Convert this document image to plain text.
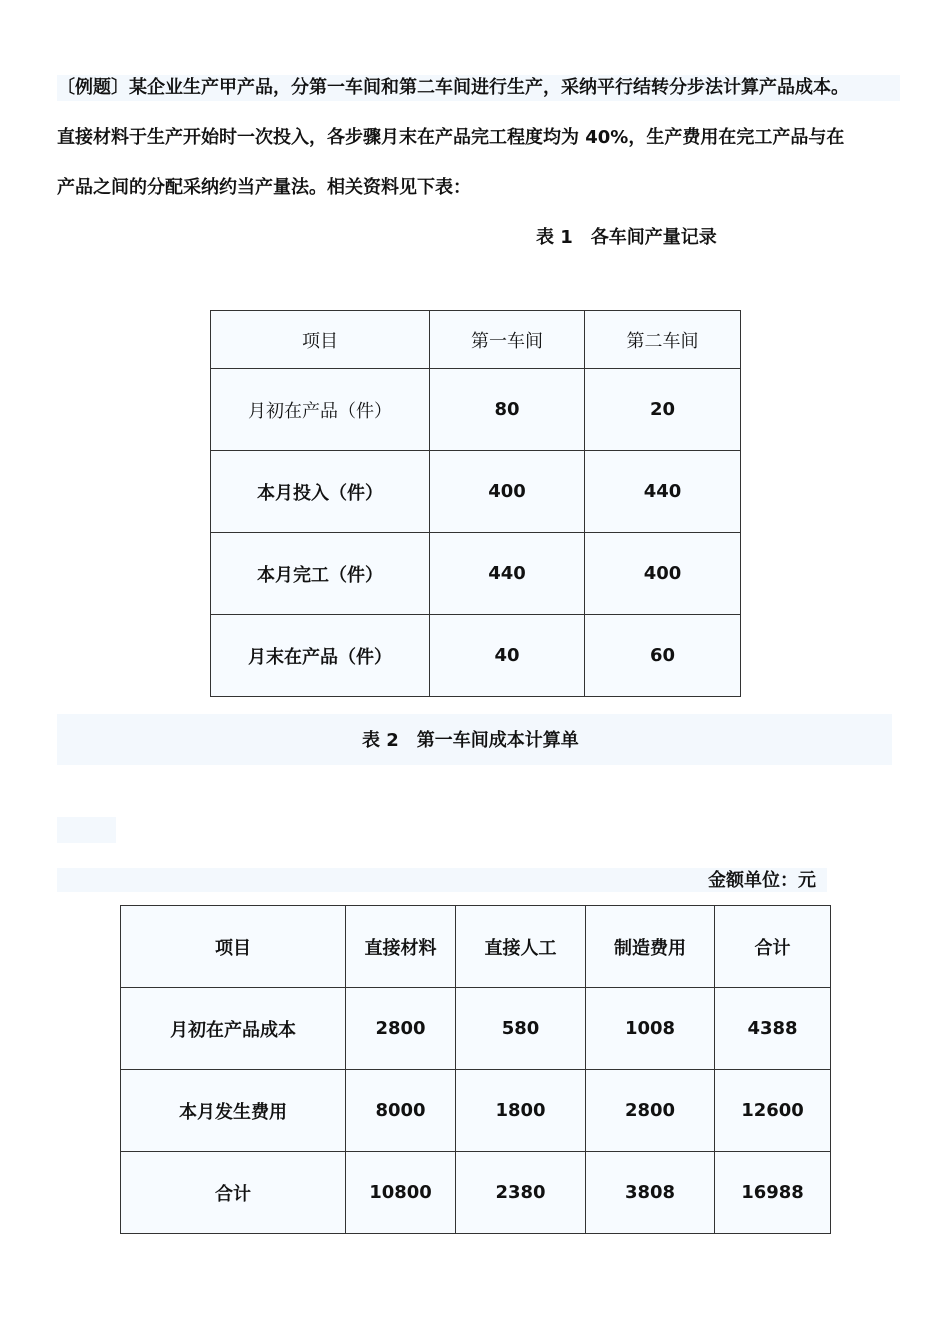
〔例题〕某企业生产甲产品，分第一车间和第二车间进行生产，采纳平行结转分步法计算产品成本。
直接材料于生产开始时一次投入，各步骤月末在产品完工程度均为 40%，生产费用在完工产品与在
产品之间的分配采纳约当产量法。相关资料见下表：
表 1　各车间产量记录
项目	第一车间	第二车间
月初在产品（件）	80	20
本月投入（件）	400	440
本月完工（件）	440	400
月末在产品（件）	40	60
表 2　第一车间成本计算单
金额单位：元
项目	直接材料	直接人工	制造费用	合计
月初在产品成本	2800	580	1008	4388
本月发生费用	8000	1800	2800	12600
合计	10800	2380	3808	16988
